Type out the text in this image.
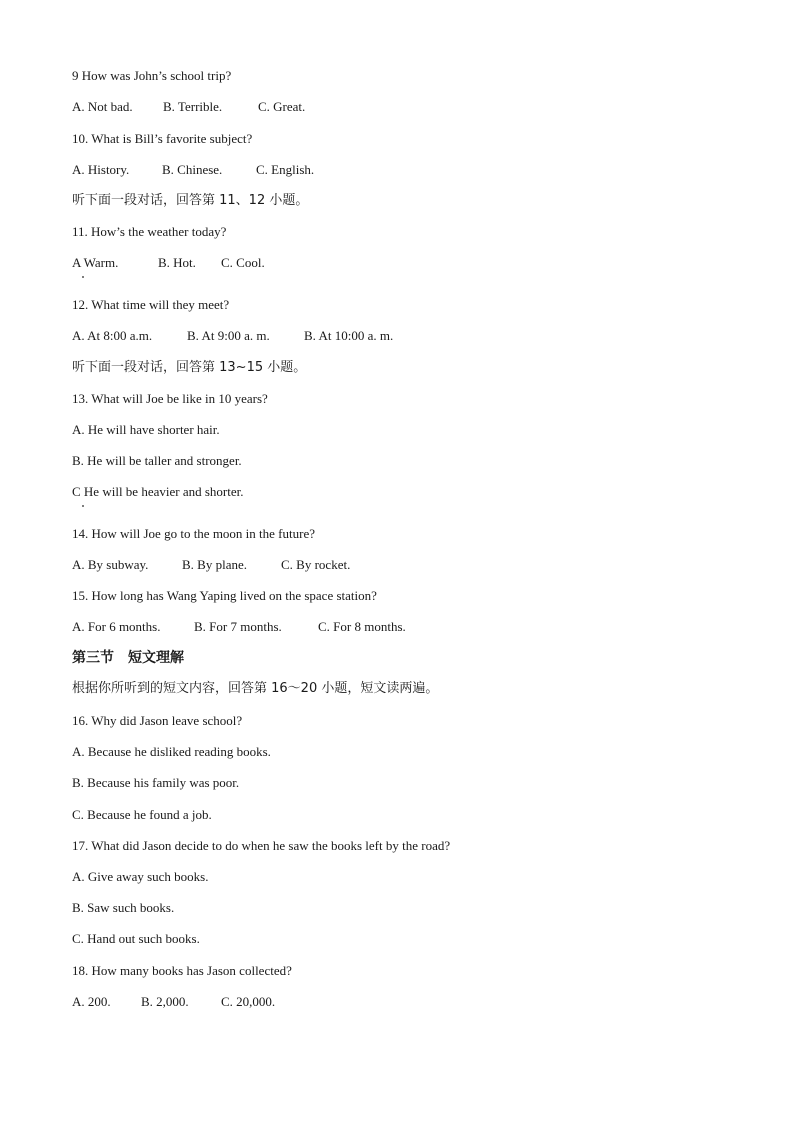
9 How was John’s school trip?
A. Not bad. B. Terrible.	C. Great.
10. What is Bill’s favorite subject?
A. History.	B. Chinese.	C. English.
听下面一段对话，回答第 11、12 小题。
11. How’s the weather today?
A Warm.	B. Hot. C. Cool.
12. What time will they meet?
A. At 8:00 a.m.	B. At 9:00 a. m.	B. At 10:00 a. m.
听下面一段对话，回答第 13~15 小题。
13. What will Joe be like in 10 years?
A. He will have shorter hair.
B. He will be taller and stronger.
C He will be heavier and shorter.
14. How will Joe go to the moon in the future?
A. By subway.	B. By plane.	C. By rocket.
15. How long has Wang Yaping lived on the space station?
A. For 6 months.	B. For 7 months.	C. For 8 months.
第三节 短文理解
根据你所听到的短文内容，回答第 16～20 小题，短文读两遍。
16. Why did Jason leave school?
A. Because he disliked reading books.
B. Because his family was poor.
C. Because he found a job.
17. What did Jason decide to do when he saw the books left by the road?
A. Give away such books.
B. Saw such books.
C. Hand out such books.
18. How many books has Jason collected?
A. 200. B. 2,000. C. 20,000.
